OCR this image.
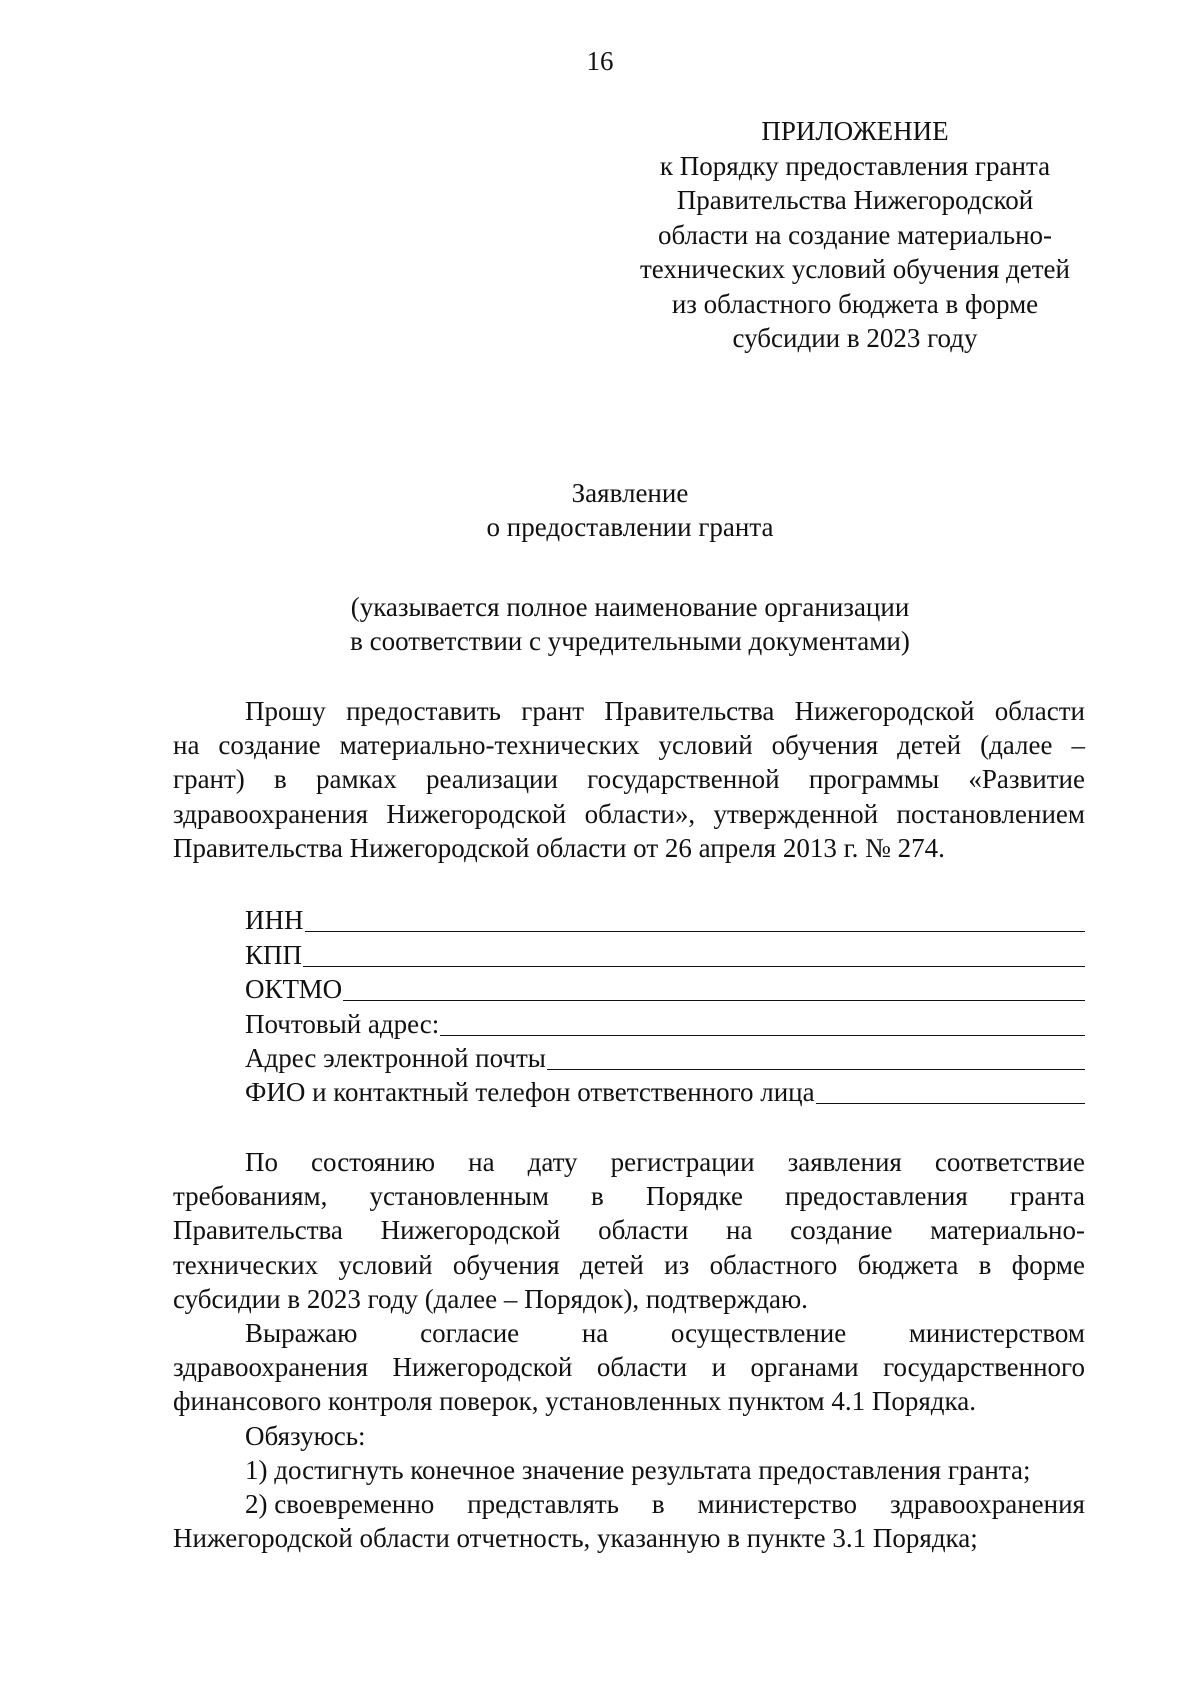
16
ПРИЛОЖЕНИЕ
к Порядку предоставления гранта
Правительства Нижегородской
области на создание материально-
технических условий обучения детей
из областного бюджета в форме
субсидии в 2023 году
Заявление
о предоставлении гранта
(указывается полное наименование организации
в соответствии с учредительными документами)
Прошу предоставить грант Правительства Нижегородской области
на создание материально-технических условий обучения детей (далее –
грант) в рамках реализации государственной программы «Развитие
здравоохранения Нижегородской области», утвержденной постановлением
Правительства Нижегородской области от 26 апреля 2013 г. № 274.
ИНН
КПП
ОКТМО
Почтовый адрес:
Адрес электронной почты
ФИО и контактный телефон ответственного лица
По состоянию на дату регистрации заявления соответствие
требованиям, установленным в Порядке предоставления гранта
Правительства Нижегородской области на создание материально-
технических условий обучения детей из областного бюджета в форме
субсидии в 2023 году (далее – Порядок), подтверждаю.
Выражаю согласие на осуществление министерством
здравоохранения Нижегородской области и органами государственного
финансового контроля поверок, установленных пунктом 4.1 Порядка.
Обязуюсь:
1) достигнуть конечное значение результата предоставления гранта;
2) своевременно представлять в министерство здравоохранения
Нижегородской области отчетность, указанную в пункте 3.1 Порядка;
